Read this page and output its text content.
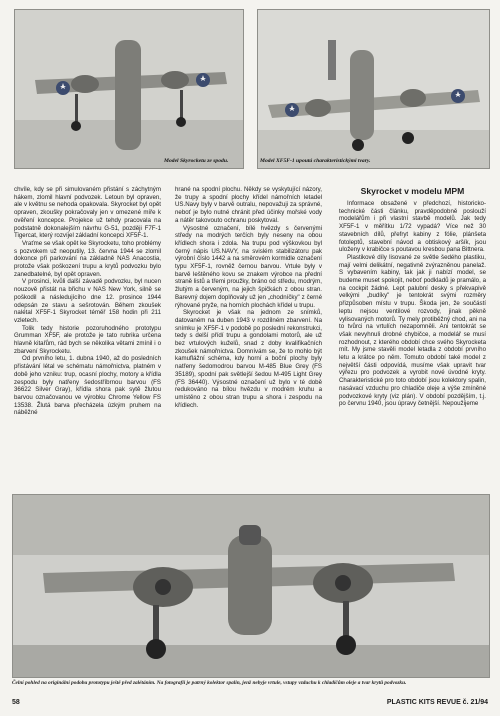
Model Skyrocketu ze spodu.	Model XF5F-1 upoutá charakteristickými tvary.

chvíle, kdy se při simulovaném přistání s záchytným hákem, zlomil hlavní podvozek. Letoun byl opraven, ale v květnu se nehoda opakovala. Skyrocket byl opět opraven, zkoušky pokračovaly jen v omezené míře k ověření koncepce. Projekce už tehdy pracovala na podstatně dokonalejším návrhu G-51, později F7F-1 Tigercat, který rozvíjel základní koncepci XF5F-1.

Vraťme se však opět ke Skyrocketu, toho problémy s pozvokem už neoputily, 13. června 1944 se zlomil dokonce při parkování na základně NAS Anacostia, protože však poškození trupu a krytů podvozku bylo zanedbatelné, byl opět opraven.

V prosinci, kvůli další závadě podvozku, byl nucen nouzově přistát na břichu v NAS New York, silně se poškodil a následujícího dne 12. prosince 1944 odepsán ze stavu a sešrotován. Během zkoušek nalétal XF5F-1 Skyrocket téměř 158 hodin při 211 vzletech.

Tolik tedy historie pozoruhodného prototypu Grumman XF5F, ale protože je tato rubrika určena hlavně kitařům, rád bych se několika větami zmínil i o zbarvení Skyrocketu.

Od prvního letu, 1. dubna 1940, až do posledních přistávání létal ve schématu námořnictva, platném v době jeho vzniku: trup, ocasní plochy, motory a křídla zespodu byly natřeny šedostříbrnou barvou (FS 36622 Silver Gray), křídla shora pak sytě žlutou barvou označovanou ve výrobku Chrome Yellow FS 13538. Žlutá barva přecházela úzkým pruhem na náběžné

hrané na spodní plochu. Někdy se vyskytující názory, že trupy a spodní plochy křídel námořních letadel US.Navy byly v barvě outralu, nepovažuji za správné, neboť je bylo nutné chránit před účinky mořské vody a nátěr takovouto ochranu poskytoval.

Výsostné označení, bílé hvězdy s červenými středy na modrých terčích byly neseny na obou křídlech shora i zdola. Na trupu pod výškovkou byl černý nápis US.NAVY, na svislém stabilizátoru pak výrobní číslo 1442 a na směrovém kormidle označení typu XF5F-1, rovněž černou barvou. Vrtule byly v barvě leštěného kovu se znakem výrobce na přední straně listů a třemi proužky, bráno od středu, modrým, žlutým a červeným, na jejich špičkách z obou stran. Barevný dojem doplňovaly už jen „chodníčky" z černé rýhované pryže, na horních plochách křídel u trupu.

Skyrocket je však na jednom ze snímků, datovaném na duben 1943 v rozdílném zbarvení. Na snímku je XF5F-1 v podobě po poslední rekonstrukci, tedy s delší přídí trupu a gondolami motorů, ale už bez vrtulových kuželů, snad z doby kvalifikačních zkoušek námořnictva. Domnívám se, že to mohlo být kamuflážní schéma, kdy horní a boční plochy byly natřeny šedomodrou barvou M-485 Blue Grey (FS 35189), spodní pak světlejší šedou M-495 Light Grey (FS 36440). Výsostné označení už bylo v té době redukováno na bílou hvězdu v modrém kruhu a umístěno z obou stran trupu a shora i zespodu na křídlech.

Skyrocket v modelu MPM

Informace obsažené v předchozí, historicko-technické části článku, pravděpodobně poslouží modelářům i při vlastní stavbě modelů. Jak tedy XF5F-1 v měřítku 1/72 vypadá? Více než 30 stavebních dílů, přefryt kabiny z fólie, plánšeta fotoleptů, stavební návod a obtiskový aršík, jsou uloženy v krabičce s poutavou kresbou pana Bittnera.

Plastikové díly lisované ze světle šedého plastiku, mají velmi delikátní, negativně zvýrazněnou panelaž. S vybavením kabiny, tak jak ji nabízí model, se budeme muset spokojit, neboť podkladů je pramálo, a na cockpit žádné. Lept palubní desky s překvapivě velkými „budíky" je tentokrát svými rozměry přizpůsoben místu v trupu. Škoda jen, že součástí leptu nejsou ventilové rozvody, jinak pěkně vylisovaných motorů. Ty mely protiběžný chod, ani na to tvůrci na vrtulích nezapomněli. Ani tentokrát se však nevyhnuli drobné chybičce, a modelář se musí rozhodnout, z kterého období chce svého Skyrocketa mít. My jsme stavěli model letadla z období prvního letu a krátce po něm. Tomuto období také model z největší části odpovídá, musíme však upravit tvar výřezu pro podvozek a vyrobit nové úvodné kryty. Charakteristické pro toto období jsou kolektory spalin, nasávací vzduchu pro chladiče oleje a výše zmíněné podvozkové kryty (viz plán). V období pozdějším, t.j. po červnu 1940, jsou úpravy četnější. Nepoužijeme

Čelní pohled na originální podobu prototypu ještě před zalétáním. Na fotografii je patrný kolektor spalin, jenž nebyje vrtule, vstupy vzduchu k chladičům oleje a tvar krytů podvozku.
58	PLASTIC KITS REVUE č. 21/94
